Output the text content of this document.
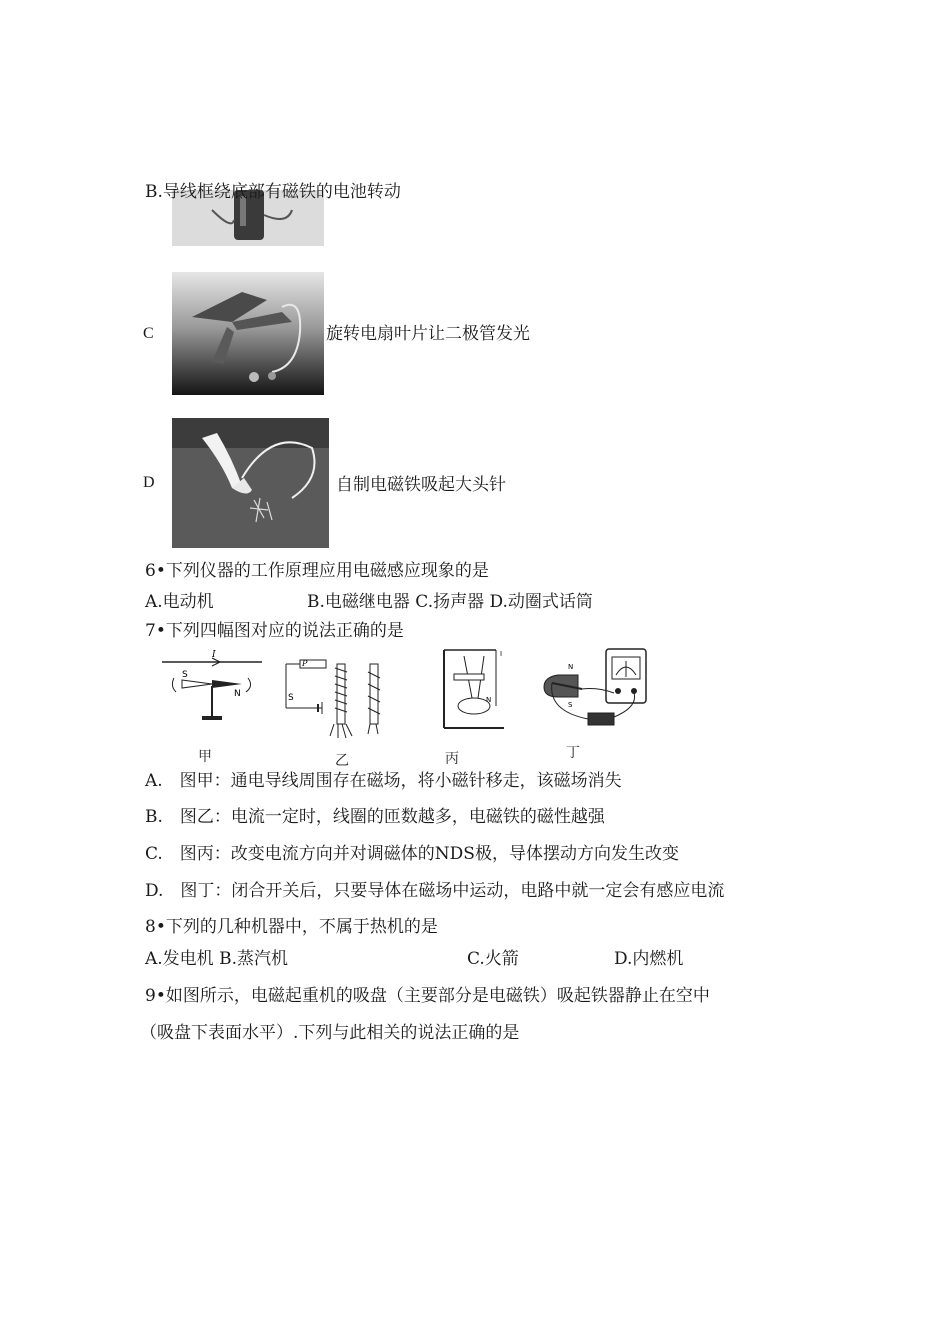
B.导线框绕底部有磁铁的电池转动
C	旋转电扇叶片让二极管发光
D	自制电磁铁吸起大头针
6•下列仪器的工作原理应用电磁感应现象的是
A.电动机	B.电磁继电器 C.扬声器 D.动圈式话筒
7•下列四幅图对应的说法正确的是
I
S
N
P
S
I
N
N
S
甲	乙	丙	丁
A.　图甲：通电导线周围存在磁场，将小磁针移走，该磁场消失
B.　图乙：电流一定时，线圈的匝数越多，电磁铁的磁性越强
C.　图丙：改变电流方向并对调磁体的NDS极，导体摆动方向发生改变
D.　图丁：闭合开关后，只要导体在磁场中运动，电路中就一定会有感应电流
8•下列的几种机器中，不属于热机的是
A.发电机 B.蒸汽机	C.火箭	D.内燃机
9•如图所示，电磁起重机的吸盘（主要部分是电磁铁）吸起铁器静止在空中
（吸盘下表面水平）.下列与此相关的说法正确的是
